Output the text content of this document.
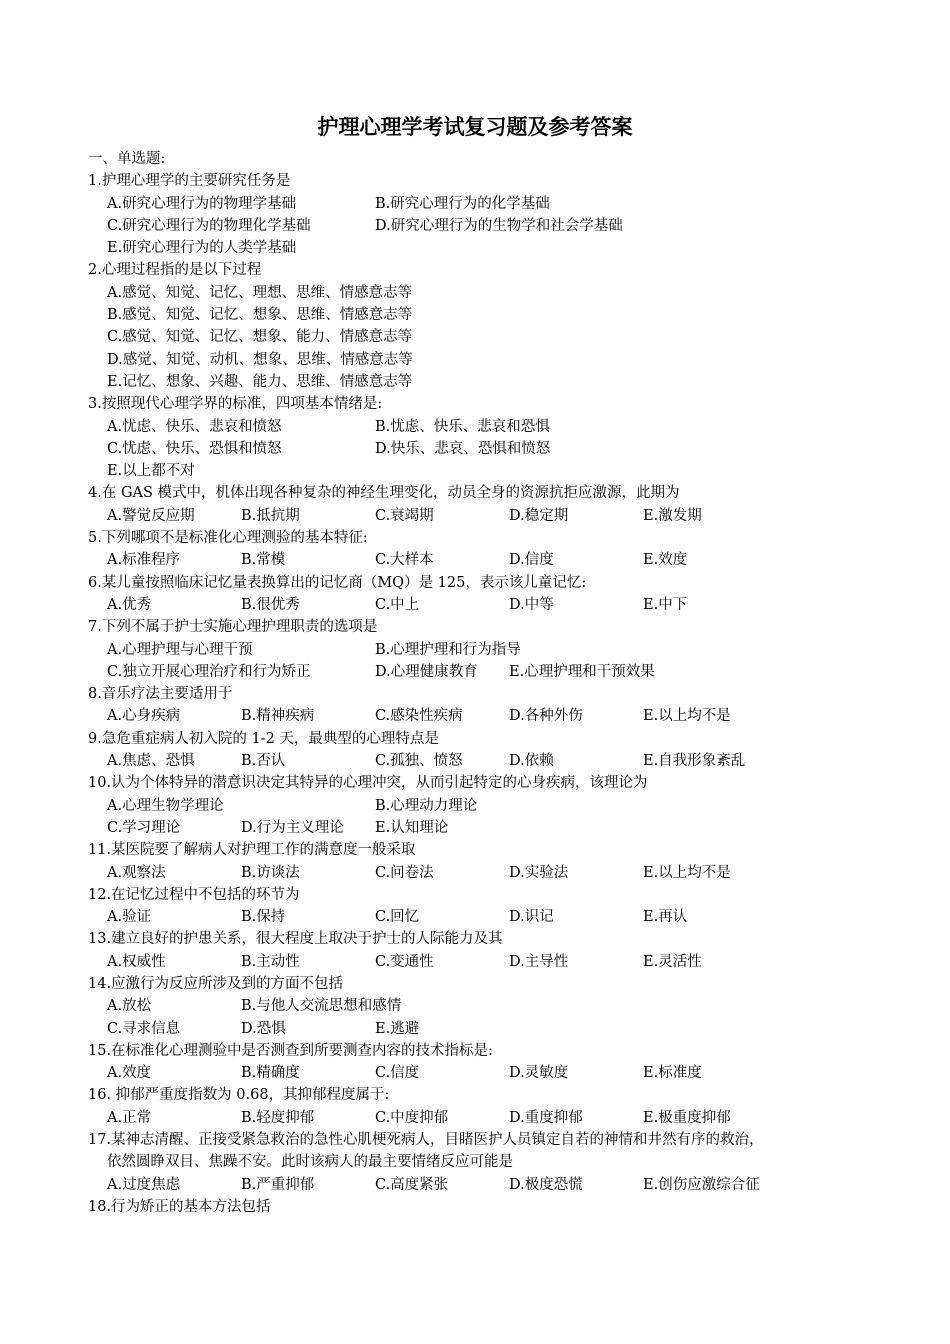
护理心理学考试复习题及参考答案
一、单选题:
1.护理心理学的主要研究任务是
A.研究心理行为的物理学基础	B.研究心理行为的化学基础
C.研究心理行为的物理化学基础	D.研究心理行为的生物学和社会学基础
E.研究心理行为的人类学基础
2.心理过程指的是以下过程
A.感觉、知觉、记忆、理想、思维、情感意志等
B.感觉、知觉、记忆、想象、思维、情感意志等
C.感觉、知觉、记忆、想象、能力、情感意志等
D.感觉、知觉、动机、想象、思维、情感意志等
E.记忆、想象、兴趣、能力、思维、情感意志等
3.按照现代心理学界的标准，四项基本情绪是:
A.忧虑、快乐、悲哀和愤怒	B.忧虑、快乐、悲哀和恐惧
C.忧虑、快乐、恐惧和愤怒	D.快乐、悲哀、恐惧和愤怒
E.以上都不对
4.在 GAS 模式中，机体出现各种复杂的神经生理变化，动员全身的资源抗拒应激源，此期为
A.警觉反应期	B.抵抗期	C.衰竭期	D.稳定期	E.激发期
5.下列哪项不是标准化心理测验的基本特征:
A.标准程序	B.常模	C.大样本	D.信度	E.效度
6.某儿童按照临床记忆量表换算出的记忆商（MQ）是 125，表示该儿童记忆:
A.优秀	B.很优秀	C.中上	D.中等	E.中下
7.下列不属于护士实施心理护理职责的选项是
A.心理护理与心理干预	B.心理护理和行为指导
C.独立开展心理治疗和行为矫正	D.心理健康教育 E.心理护理和干预效果
8.音乐疗法主要适用于
A.心身疾病	B.精神疾病	C.感染性疾病	D.各种外伤	E.以上均不是
9.急危重症病人初入院的 1-2 天，最典型的心理特点是
A.焦虑、恐惧	B.否认	C.孤独、愤怒	D.依赖	E.自我形象紊乱
10.认为个体特异的潜意识决定其特异的心理冲突，从而引起特定的心身疾病，该理论为
A.心理生物学理论	B.心理动力理论
C.学习理论	D.行为主义理论 E.认知理论
11.某医院要了解病人对护理工作的满意度一般采取
A.观察法	B.访谈法	C.问卷法	D.实验法	E.以上均不是
12.在记忆过程中不包括的环节为
A.验证	B.保持	C.回忆	D.识记	E.再认
13.建立良好的护患关系，很大程度上取决于护士的人际能力及其
A.权威性	B.主动性	C.变通性	D.主导性	E.灵活性
14.应激行为反应所涉及到的方面不包括
A.放松	B.与他人交流思想和感情
C.寻求信息	D.恐惧	E.逃避
15.在标准化心理测验中是否测查到所要测查内容的技术指标是:
A.效度	B.精确度	C.信度	D.灵敏度	E.标准度
16. 抑郁严重度指数为 0.68，其抑郁程度属于:
A.正常	B.轻度抑郁	C.中度抑郁	D.重度抑郁	E.极重度抑郁
17.某神志清醒、正接受紧急救治的急性心肌梗死病人，目睹医护人员镇定自若的神情和井然有序的救治，
依然圆睁双目、焦躁不安。此时该病人的最主要情绪反应可能是
A.过度焦虑	B.严重抑郁	C.高度紧张	D.极度恐慌	E.创伤应激综合征
18.行为矫正的基本方法包括
